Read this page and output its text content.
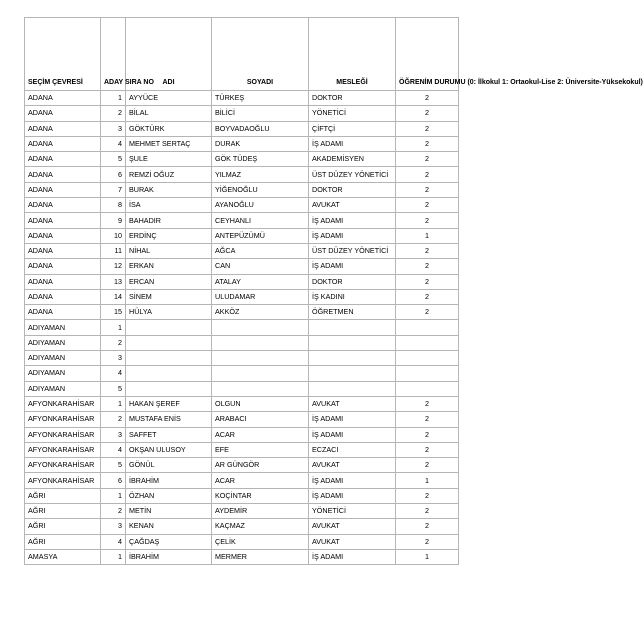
SEÇİM ÇEVRESİ	ADAY SIRA NO	ADI	SOYADI	MESLEĞİ	ÖĞRENİM DURUMU (0: İlkokul 1: Ortaokul-Lise 2: Üniversite-Yüksekokul)
ADANA	1	AYYÜCE	TÜRKEŞ	DOKTOR	2
ADANA	2	BİLAL	BİLİCİ	YÖNETİCİ	2
ADANA	3	GÖKTÜRK	BOYVADAOĞLU	ÇİFTÇİ	2
ADANA	4	MEHMET SERTAÇ	DURAK	İŞ ADAMI	2
ADANA	5	ŞULE	GÖK TÜDEŞ	AKADEMİSYEN	2
ADANA	6	REMZİ OĞUZ	YILMAZ	ÜST DÜZEY YÖNETİCİ	2
ADANA	7	BURAK	YİĞENOĞLU	DOKTOR	2
ADANA	8	İSA	AYANOĞLU	AVUKAT	2
ADANA	9	BAHADIR	CEYHANLI	İŞ ADAMI	2
ADANA	10	ERDİNÇ	ANTEPÜZÜMÜ	İŞ ADAMI	1
ADANA	11	NİHAL	AĞCA	ÜST DÜZEY YÖNETİCİ	2
ADANA	12	ERKAN	CAN	İŞ ADAMI	2
ADANA	13	ERCAN	ATALAY	DOKTOR	2
ADANA	14	SİNEM	ULUDAMAR	İŞ KADINI	2
ADANA	15	HÜLYA	AKKÖZ	ÖĞRETMEN	2
ADIYAMAN	1				
ADIYAMAN	2				
ADIYAMAN	3				
ADIYAMAN	4				
ADIYAMAN	5				
AFYONKARAHİSAR	1	HAKAN ŞEREF	OLGUN	AVUKAT	2
AFYONKARAHİSAR	2	MUSTAFA ENİS	ARABACI	İŞ ADAMI	2
AFYONKARAHİSAR	3	SAFFET	ACAR	İŞ ADAMI	2
AFYONKARAHİSAR	4	OKŞAN ULUSOY	EFE	ECZACI	2
AFYONKARAHİSAR	5	GÖNÜL	AR GÜNGÖR	AVUKAT	2
AFYONKARAHİSAR	6	İBRAHİM	ACAR	İŞ ADAMI	1
AĞRI	1	ÖZHAN	KOÇİNTAR	İŞ ADAMI	2
AĞRI	2	METİN	AYDEMİR	YÖNETİCİ	2
AĞRI	3	KENAN	KAÇMAZ	AVUKAT	2
AĞRI	4	ÇAĞDAŞ	ÇELİK	AVUKAT	2
AMASYA	1	İBRAHİM	MERMER	İŞ ADAMI	1
